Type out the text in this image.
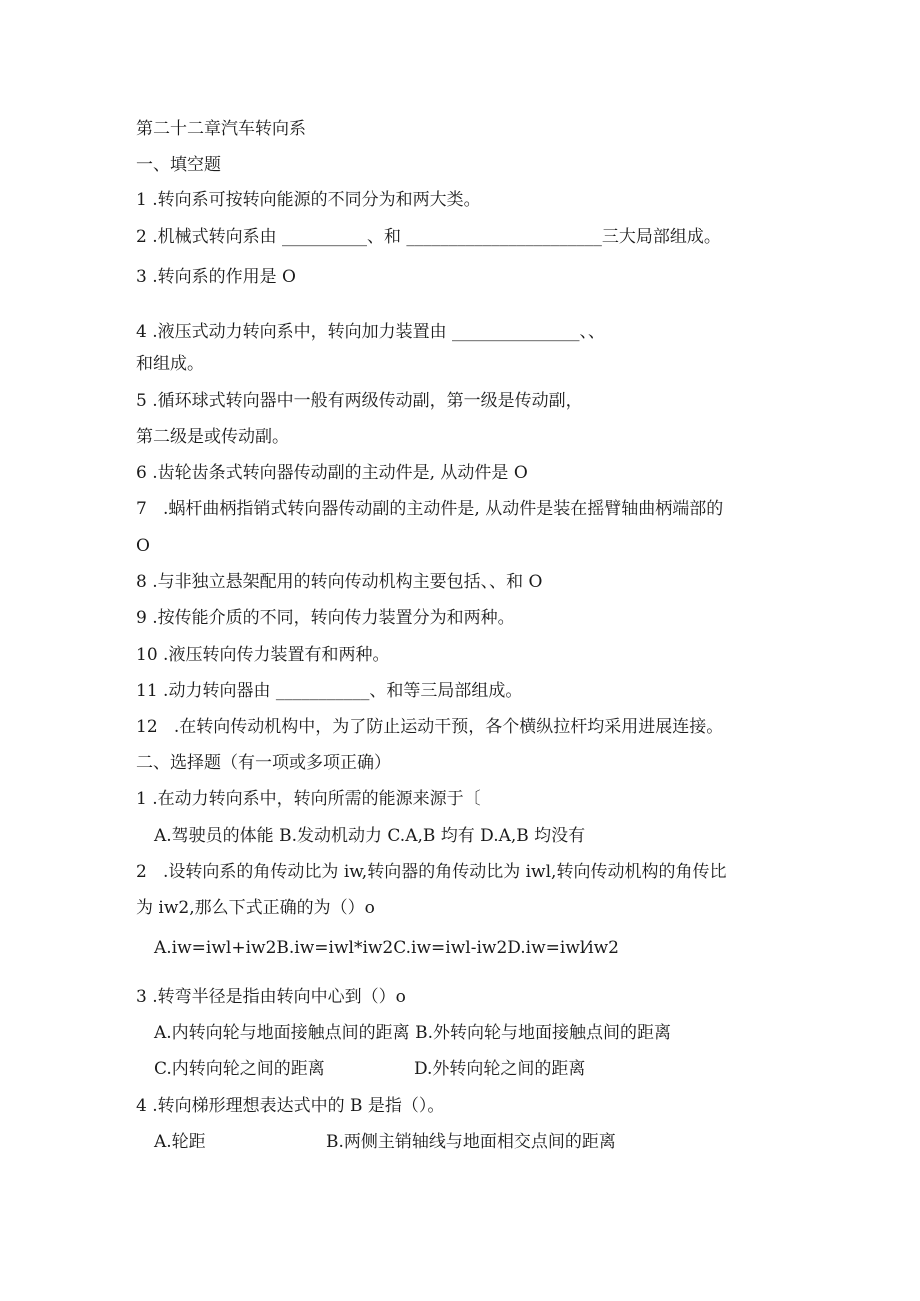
第二十二章汽车转向系
一、填空题
1 .转向系可按转向能源的不同分为和两大类。
2 .机械式转向系由 __________、和 _______________________三大局部组成。
3 .转向系的作用是 O
4 .液压式动力转向系中，转向加力装置由 _______________、、
和组成。
5 .循环球式转向器中一般有两级传动副，第一级是传动副，
第二级是或传动副。
6 .齿轮齿条式转向器传动副的主动件是, 从动件是 O
7   .蜗杆曲柄指销式转向器传动副的主动件是, 从动件是装在摇臂轴曲柄端部的
O
8 .与非独立悬架配用的转向传动机构主要包括、、和 O
9 .按传能介质的不同，转向传力装置分为和两种。
10 .液压转向传力装置有和两种。
11 .动力转向器由 ___________、和等三局部组成。
12   .在转向传动机构中，为了防止运动干预，各个横纵拉杆均采用进展连接。
二、选择题（有一项或多项正确）
1 .在动力转向系中，转向所需的能源来源于〔
A.驾驶员的体能 B.发动机动力 C.A,B 均有 D.A,B 均没有
2   .设转向系的角传动比为 iw,转向器的角传动比为 iwl,转向传动机构的角传比
为 iw2,那么下式正确的为（）o
A.iw=iwl+iw2B.iw=iwl*iw2C.iw=iwl-iw2D.iw=iwl⁄iw2
3 .转弯半径是指由转向中心到（）o
A.内转向轮与地面接触点间的距离 B.外转向轮与地面接触点间的距离
C.内转向轮之间的距离	D.外转向轮之间的距离
4 .转向梯形理想表达式中的 B 是指（）。
A.轮距	B.两侧主销轴线与地面相交点间的距离
